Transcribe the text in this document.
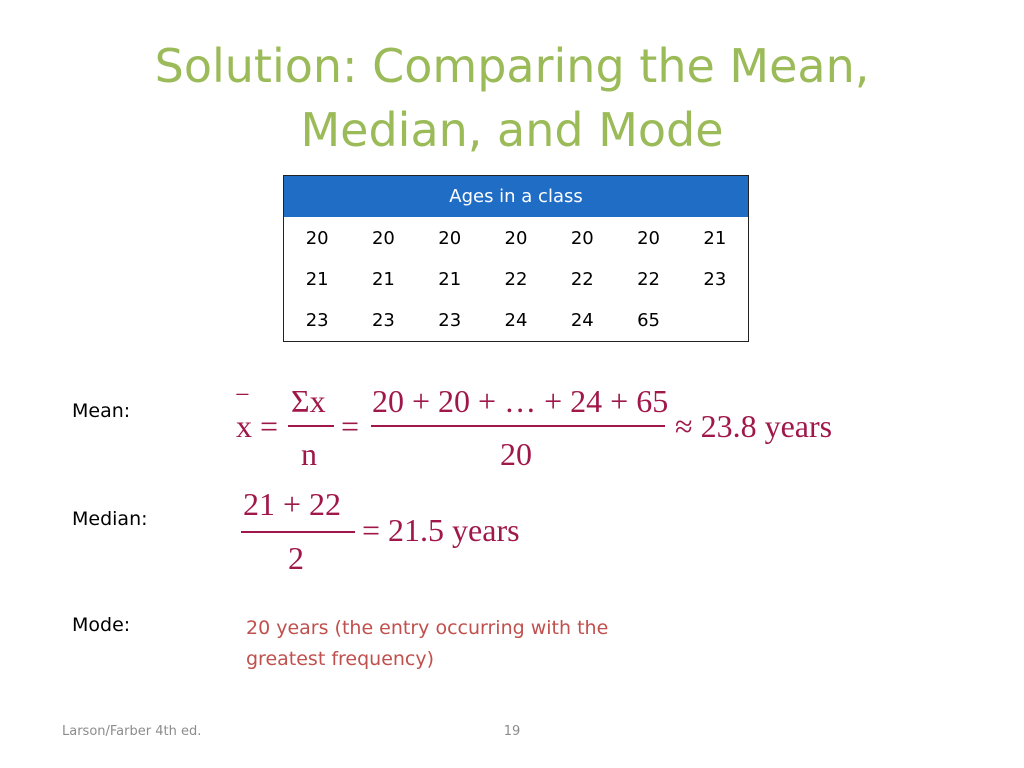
Solution: Comparing the Mean,
Median, and Mode
Ages in a class
20	20	20	20	20	20	21
21	21	21	22	22	22	23
23	23	23	24	24	65
Mean:
−
x =
Σx
n
=
20 + 20 + … + 24 + 65
20
≈ 23.8 years
Median:	21 + 22
2
= 21.5 years
Mode:	20 years (the entry occurring with the greatest frequency)
Larson/Farber 4th ed.	19
